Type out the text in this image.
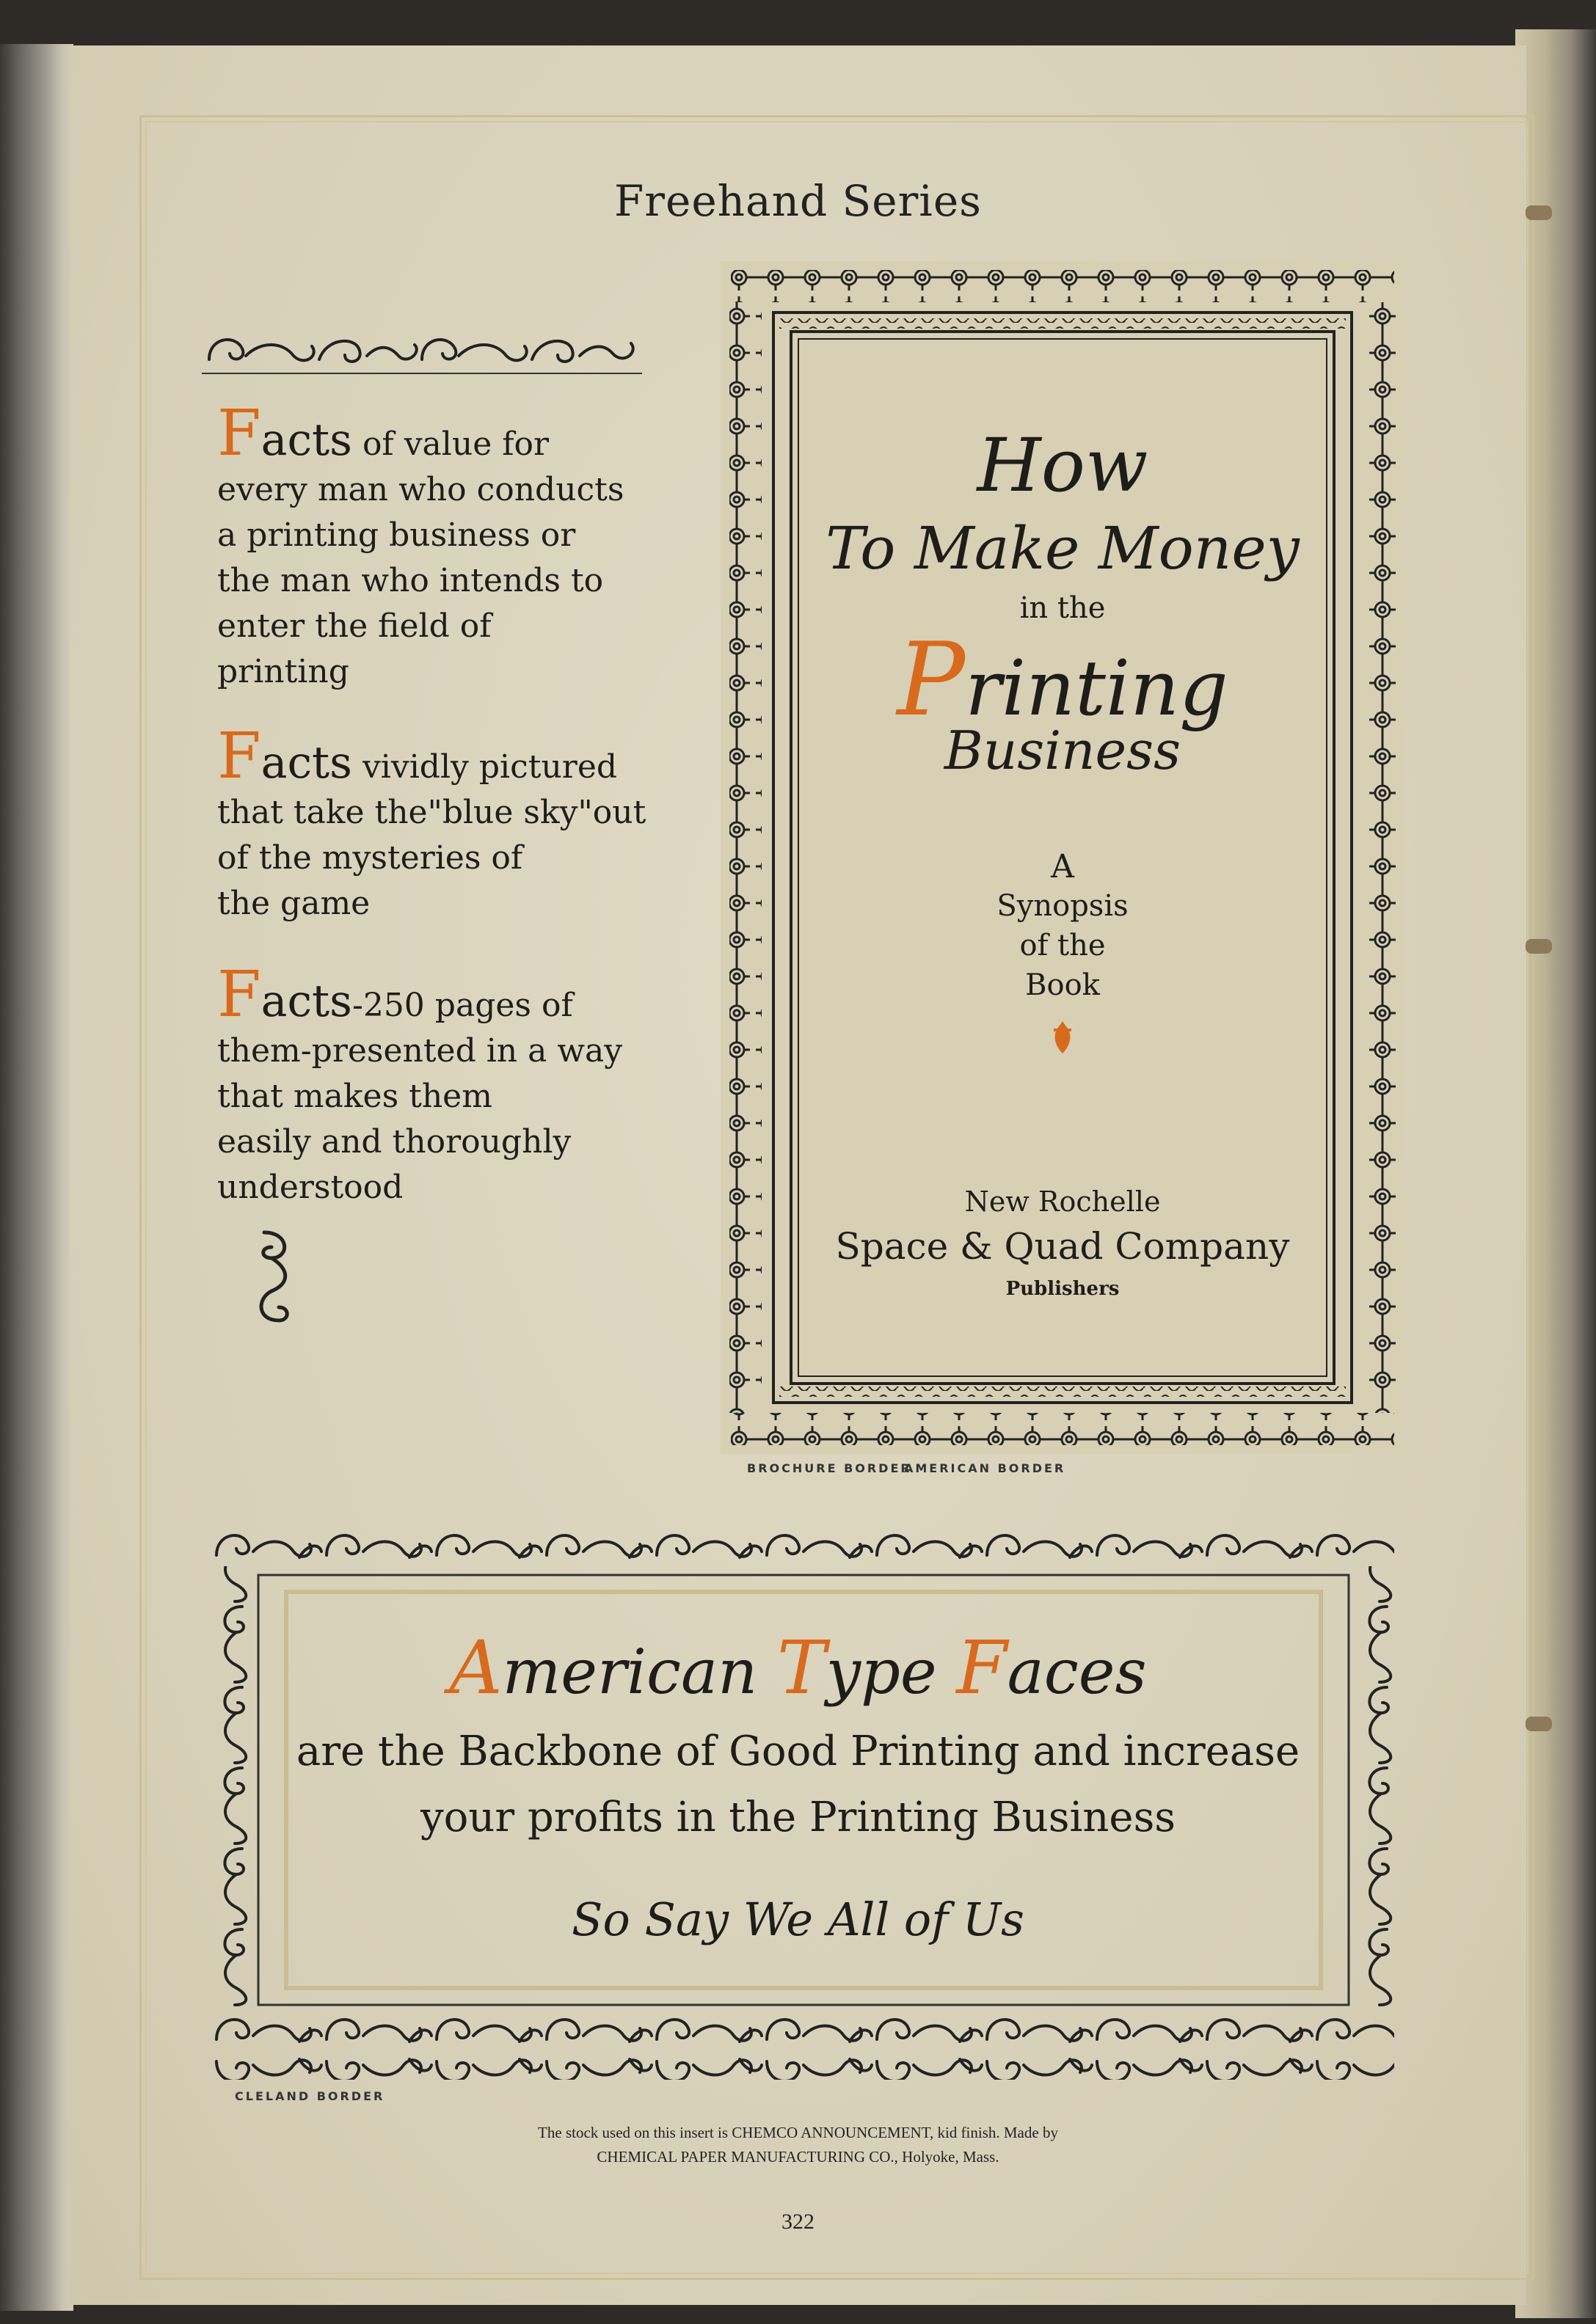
Freehand Series

Facts of value for

every man who conducts

a printing business or

the man who intends to

enter the field of

printing

Facts vividly pictured

that take the"blue sky"out

of the mysteries of

the game

Facts-250 pages of

them-presented in a way

that makes them

easily and thoroughly

understood

How
To Make Money
in the
Printing
Business
A
Synopsis
of the
Book
New Rochelle
Space & Quad Company
Publishers
BROCHURE BORDER
AMERICAN BORDER
American Type Faces
are the Backbone of Good Printing and increase
your profits in the Printing Business
So Say We All of Us
CLELAND BORDER
The stock used on this insert is CHEMCO ANNOUNCEMENT, kid finish. Made by
CHEMICAL PAPER MANUFACTURING CO., Holyoke, Mass.
322
